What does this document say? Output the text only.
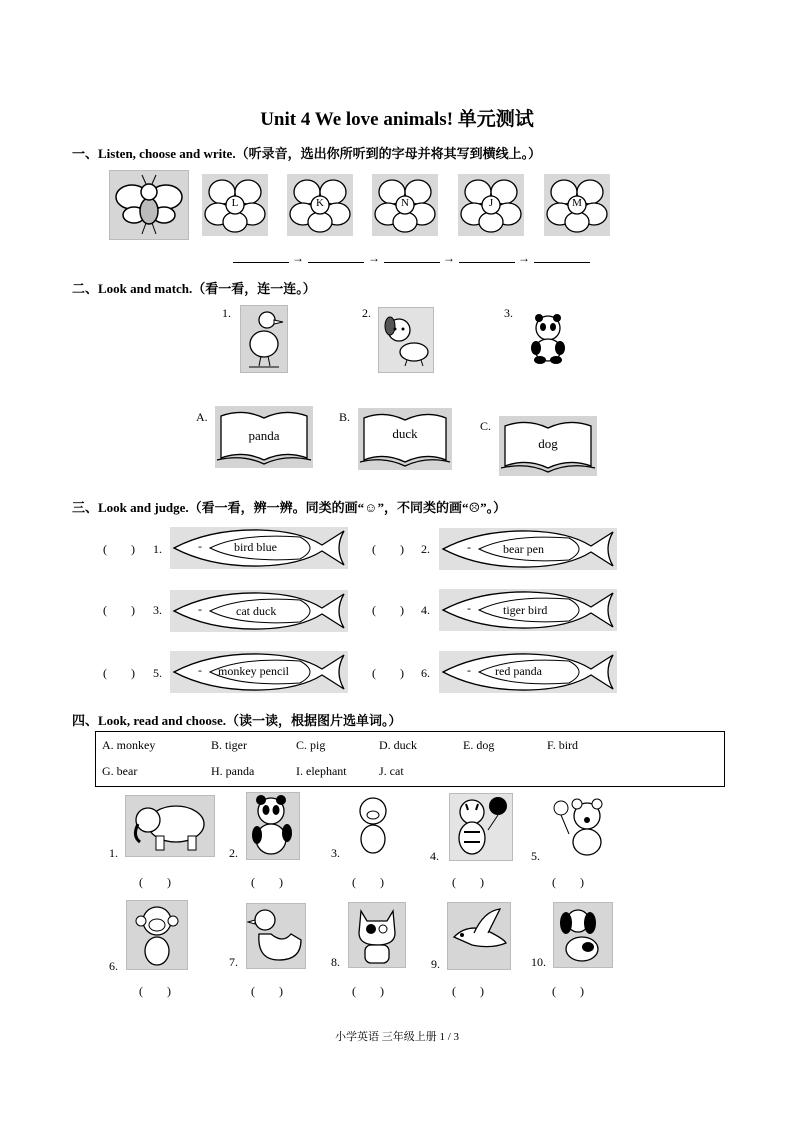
Unit 4 We love animals! 单元测试
一、Listen, choose and write.（听录音，选出你所听到的字母并将其写到横线上。）
L	K	N	J	M
→	→	→	→
二、Look and match.（看一看，连一连。）
1.	2.	3.
A.
panda
B.
duck	C.
dog
三、Look and judge.（看一看，辨一辨。同类的画“☺”，不同类的画“☹”。）
(        ) 1.	-	bird blue	(        ) 2.	-	bear pen
(        ) 3.	-	cat duck	(        ) 4.	-	tiger bird
(        ) 5.	- monkey pencil	(        ) 6.	- red panda
四、Look, read and choose.（读一读，根据图片选单词。）
A. monkey	B. tiger	C. pig	D. duck	E. dog	F. bird
G. bear	H. panda	I. elephant	J. cat
1.	2.	3.	4.	5.
(        )	(        )	(        )	(        )	(        )
6.	7.	8.	9.	10.
(        )	(        )	(        )	(        )	(        )
小学英语 三年级上册 1 / 3
